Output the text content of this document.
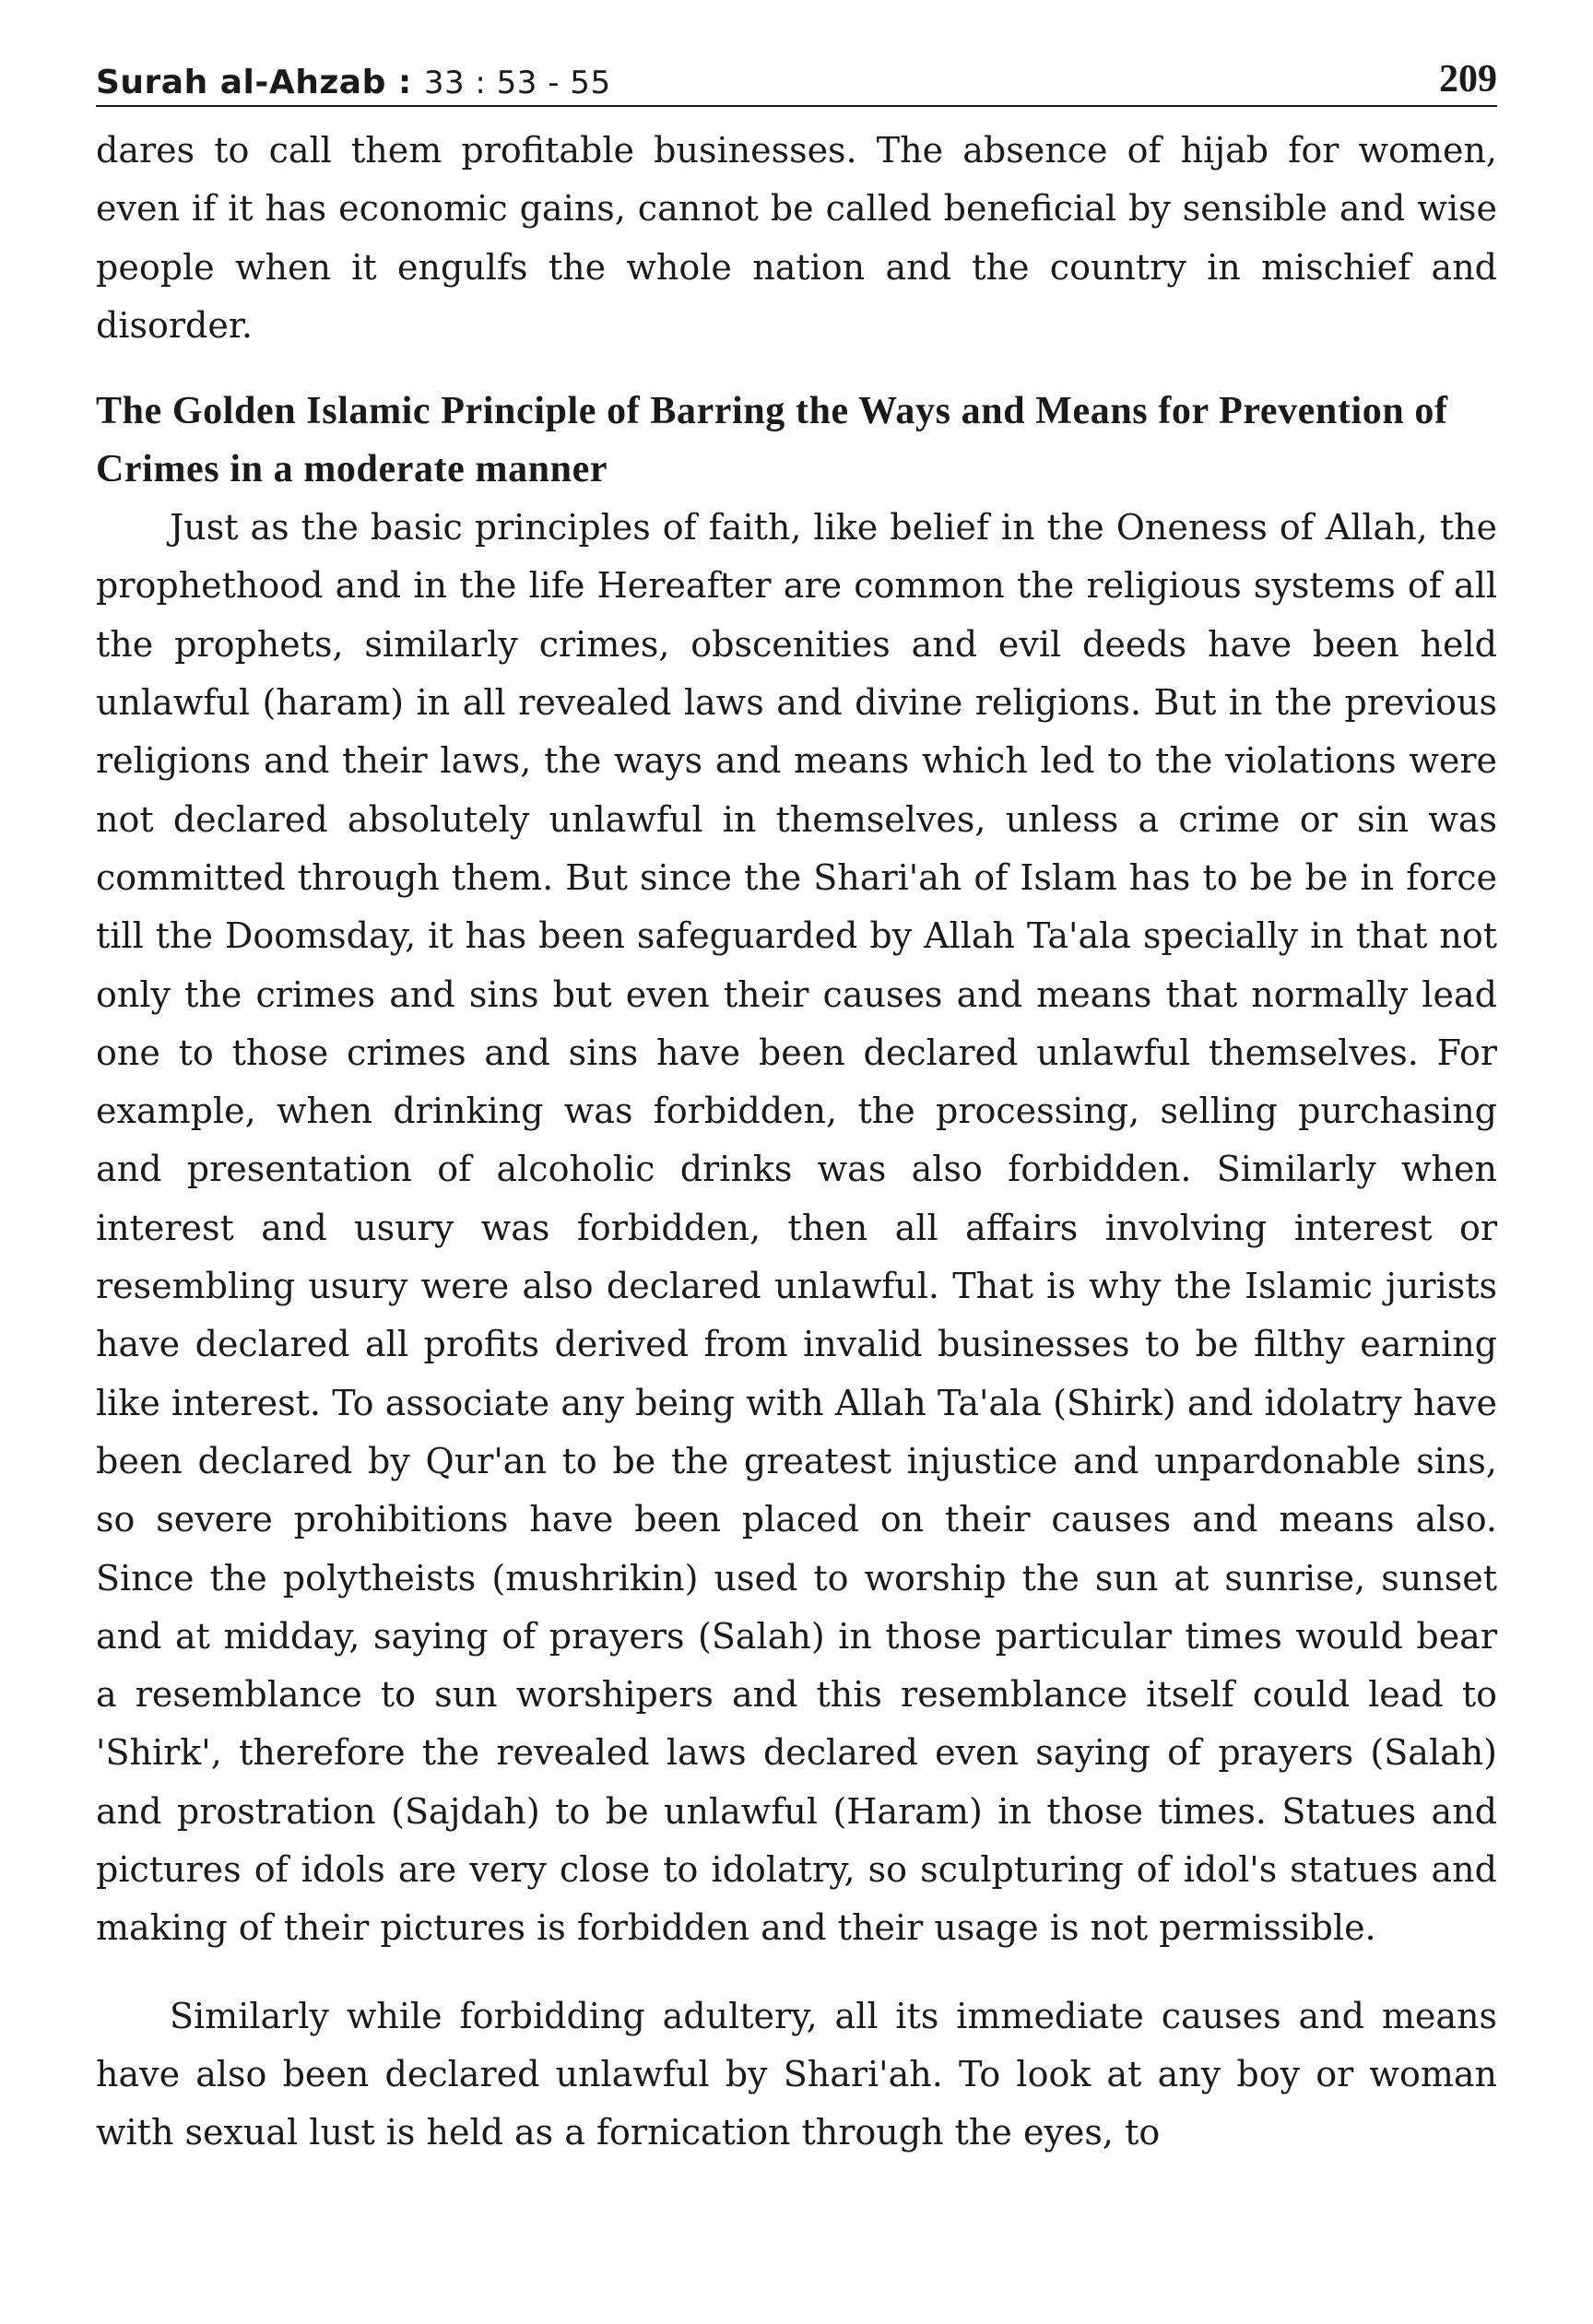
Surah al-Ahzab : 33 : 53 - 55	209

dares to call them profitable businesses. The absence of hijab for women, even if it has economic gains, cannot be called beneficial by sensible and wise people when it engulfs the whole nation and the country in mischief and disorder.

The Golden Islamic Principle of Barring the Ways and Means for Prevention of Crimes in a moderate manner

Just as the basic principles of faith, like belief in the Oneness of Allah, the prophethood and in the life Hereafter are common the religious systems of all the prophets, similarly crimes, obscenities and evil deeds have been held unlawful (haram) in all revealed laws and divine religions. But in the previous religions and their laws, the ways and means which led to the violations were not declared absolutely unlawful in themselves, unless a crime or sin was committed through them. But since the Shari'ah of Islam has to be be in force till the Doomsday, it has been safeguarded by Allah Ta'ala specially in that not only the crimes and sins but even their causes and means that normally lead one to those crimes and sins have been declared unlawful themselves. For example, when drinking was forbidden, the processing, selling purchasing and presentation of alcoholic drinks was also forbidden. Similarly when interest and usury was forbidden, then all affairs involving interest or resembling usury were also declared unlawful. That is why the Islamic jurists have declared all profits derived from invalid businesses to be filthy earning like interest. To associate any being with Allah Ta'ala (Shirk) and idolatry have been declared by Qur'an to be the greatest injustice and unpardonable sins, so severe prohibitions have been placed on their causes and means also. Since the polytheists (mushrikin) used to worship the sun at sunrise, sunset and at midday, saying of prayers (Salah) in those particular times would bear a resemblance to sun worshipers and this resemblance itself could lead to 'Shirk', therefore the revealed laws declared even saying of prayers (Salah) and prostration (Sajdah) to be unlawful (Haram) in those times. Statues and pictures of idols are very close to idolatry, so sculpturing of idol's statues and making of their pictures is forbidden and their usage is not permissible.

Similarly while forbidding adultery, all its immediate causes and means have also been declared unlawful by Shari'ah. To look at any boy or woman with sexual lust is held as a fornication through the eyes, to
